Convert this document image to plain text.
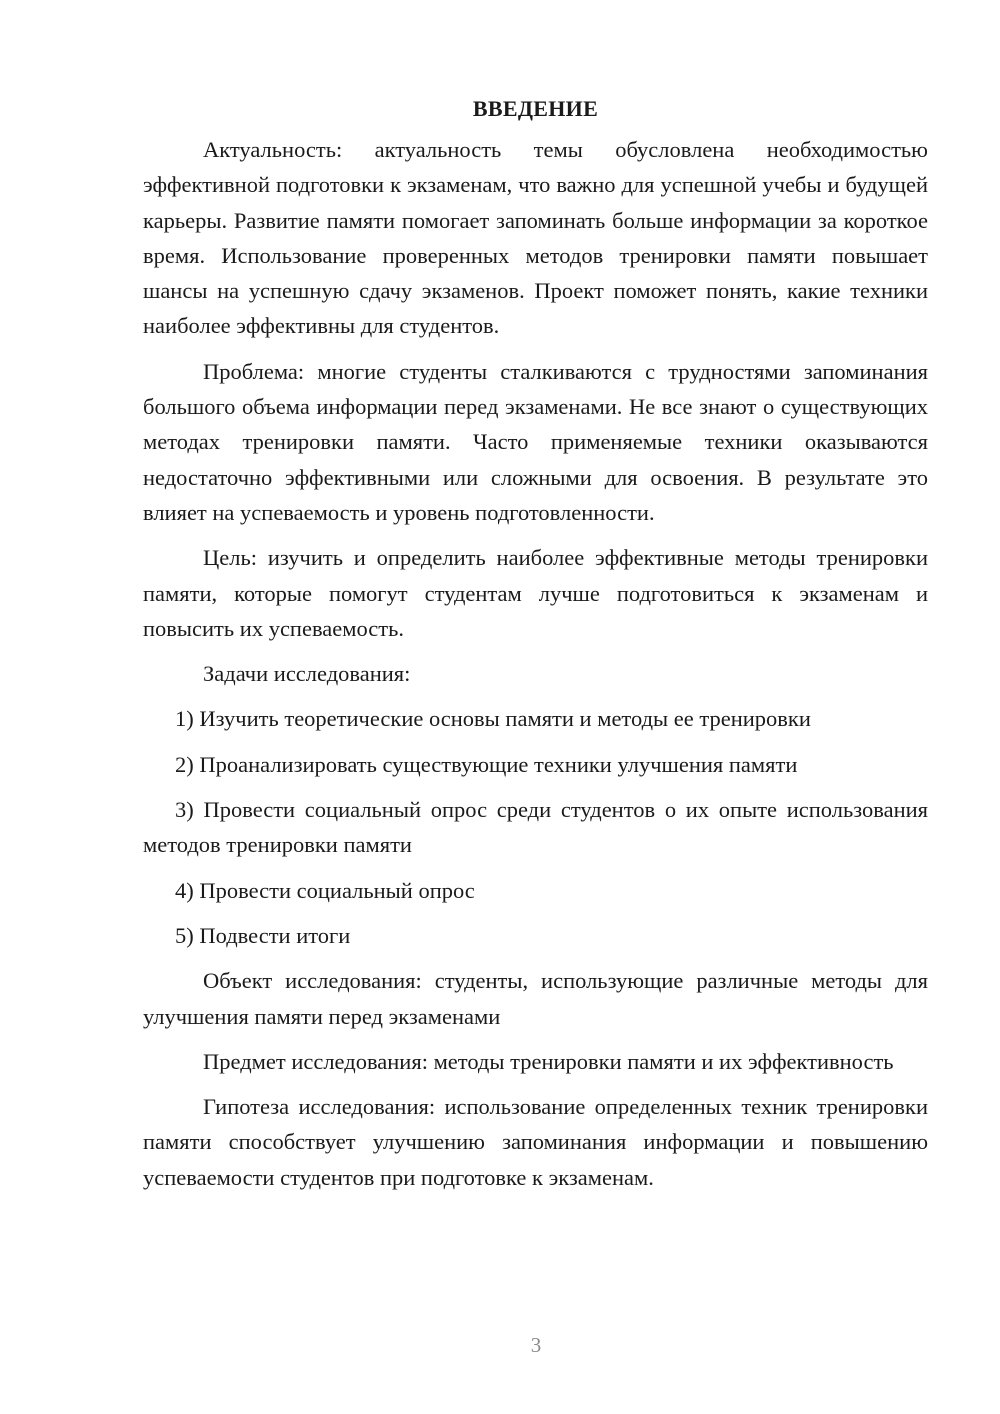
ВВЕДЕНИЕ

Актуальность: актуальность темы обусловлена необходимостью эффективной подготовки к экзаменам, что важно для успешной учебы и будущей карьеры. Развитие памяти помогает запоминать больше информации за короткое время. Использование проверенных методов тренировки памяти повышает шансы на успешную сдачу экзаменов. Проект поможет понять, какие техники наиболее эффективны для студентов.

Проблема: многие студенты сталкиваются с трудностями запоминания большого объема информации перед экзаменами. Не все знают о существующих методах тренировки памяти. Часто применяемые техники оказываются недостаточно эффективными или сложными для освоения. В результате это влияет на успеваемость и уровень подготовленности.

Цель: изучить и определить наиболее эффективные методы тренировки памяти, которые помогут студентам лучше подготовиться к экзаменам и повысить их успеваемость.

Задачи исследования:

1) Изучить теоретические основы памяти и методы ее тренировки

2) Проанализировать существующие техники улучшения памяти

3) Провести социальный опрос среди студентов о их опыте использования методов тренировки памяти

4) Провести социальный опрос

5) Подвести итоги

Объект исследования: студенты, использующие различные методы для улучшения памяти перед экзаменами

Предмет исследования: методы тренировки памяти и их эффективность

Гипотеза исследования: использование определенных техник тренировки памяти способствует улучшению запоминания информации и повышению успеваемости студентов при подготовке к экзаменам.

3
